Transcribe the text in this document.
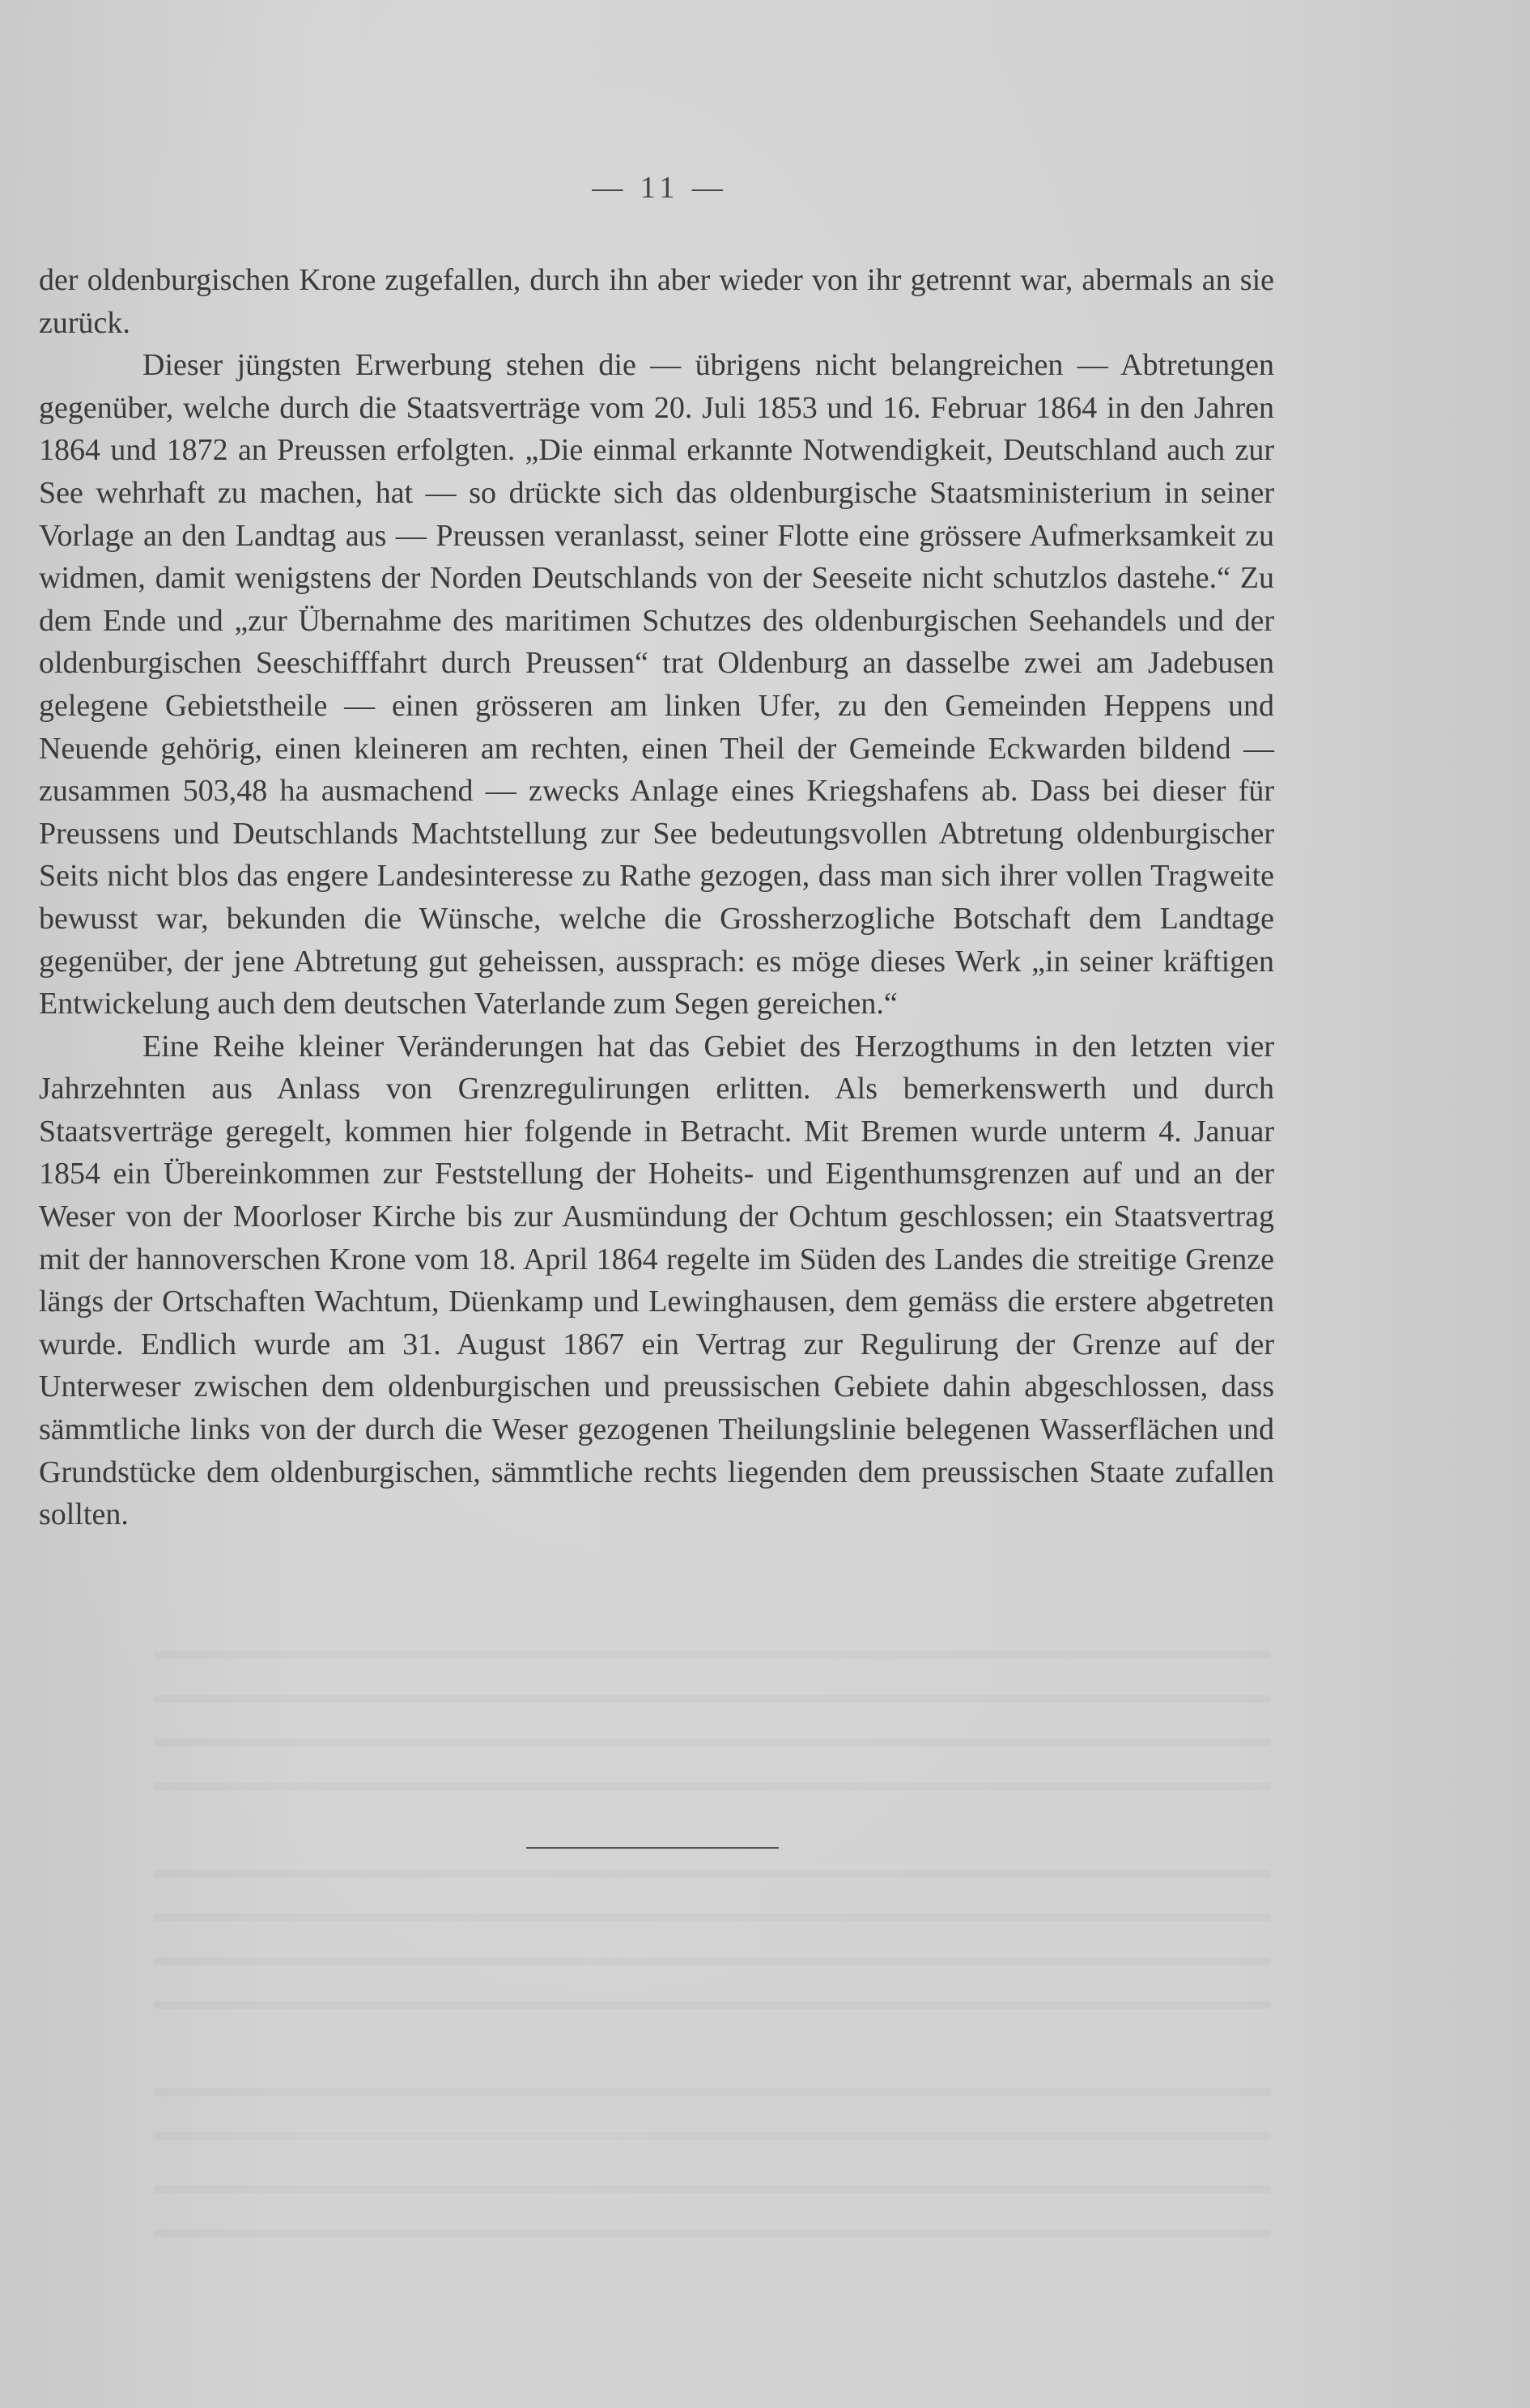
— 11 —

der oldenburgischen Krone zugefallen, durch ihn aber wieder von ihr getrennt war, abermals an sie zurück.

Dieser jüngsten Erwerbung stehen die — übrigens nicht belangreichen — Abtretungen gegenüber, welche durch die Staatsverträge vom 20. Juli 1853 und 16. Februar 1864 in den Jahren 1864 und 1872 an Preussen erfolgten. „Die einmal erkannte Notwendigkeit, Deutschland auch zur See wehrhaft zu machen, hat — so drückte sich das oldenburgische Staatsministerium in seiner Vorlage an den Landtag aus — Preussen veranlasst, seiner Flotte eine grössere Aufmerksamkeit zu widmen, damit wenigstens der Norden Deutschlands von der Seeseite nicht schutzlos dastehe.“ Zu dem Ende und „zur Übernahme des maritimen Schutzes des oldenburgischen Seehandels und der oldenburgischen Seeschifffahrt durch Preussen“ trat Oldenburg an dasselbe zwei am Jadebusen gelegene Gebietstheile — einen grösseren am linken Ufer, zu den Gemeinden Heppens und Neuende gehörig, einen kleineren am rechten, einen Theil der Gemeinde Eckwarden bildend — zusammen 503,48 ha ausmachend — zwecks Anlage eines Kriegshafens ab. Dass bei dieser für Preussens und Deutschlands Machtstellung zur See bedeutungsvollen Abtretung oldenburgischer Seits nicht blos das engere Landesinteresse zu Rathe gezogen, dass man sich ihrer vollen Tragweite bewusst war, bekunden die Wünsche, welche die Grossherzogliche Botschaft dem Landtage gegenüber, der jene Abtretung gut geheissen, aussprach: es möge dieses Werk „in seiner kräftigen Entwickelung auch dem deutschen Vaterlande zum Segen gereichen.“

Eine Reihe kleiner Veränderungen hat das Gebiet des Herzogthums in den letzten vier Jahrzehnten aus Anlass von Grenzregulirungen erlitten. Als bemerkenswerth und durch Staatsverträge geregelt, kommen hier folgende in Betracht. Mit Bremen wurde unterm 4. Januar 1854 ein Übereinkommen zur Feststellung der Hoheits- und Eigenthumsgrenzen auf und an der Weser von der Moorloser Kirche bis zur Ausmündung der Ochtum geschlossen; ein Staatsvertrag mit der hannoverschen Krone vom 18. April 1864 regelte im Süden des Landes die streitige Grenze längs der Ortschaften Wachtum, Düenkamp und Lewinghausen, dem gemäss die erstere abgetreten wurde. Endlich wurde am 31. August 1867 ein Vertrag zur Regulirung der Grenze auf der Unterweser zwischen dem oldenburgischen und preussischen Gebiete dahin abgeschlossen, dass sämmtliche links von der durch die Weser gezogenen Theilungslinie belegenen Wasserflächen und Grundstücke dem oldenburgischen, sämmtliche rechts liegenden dem preussischen Staate zufallen sollten.
